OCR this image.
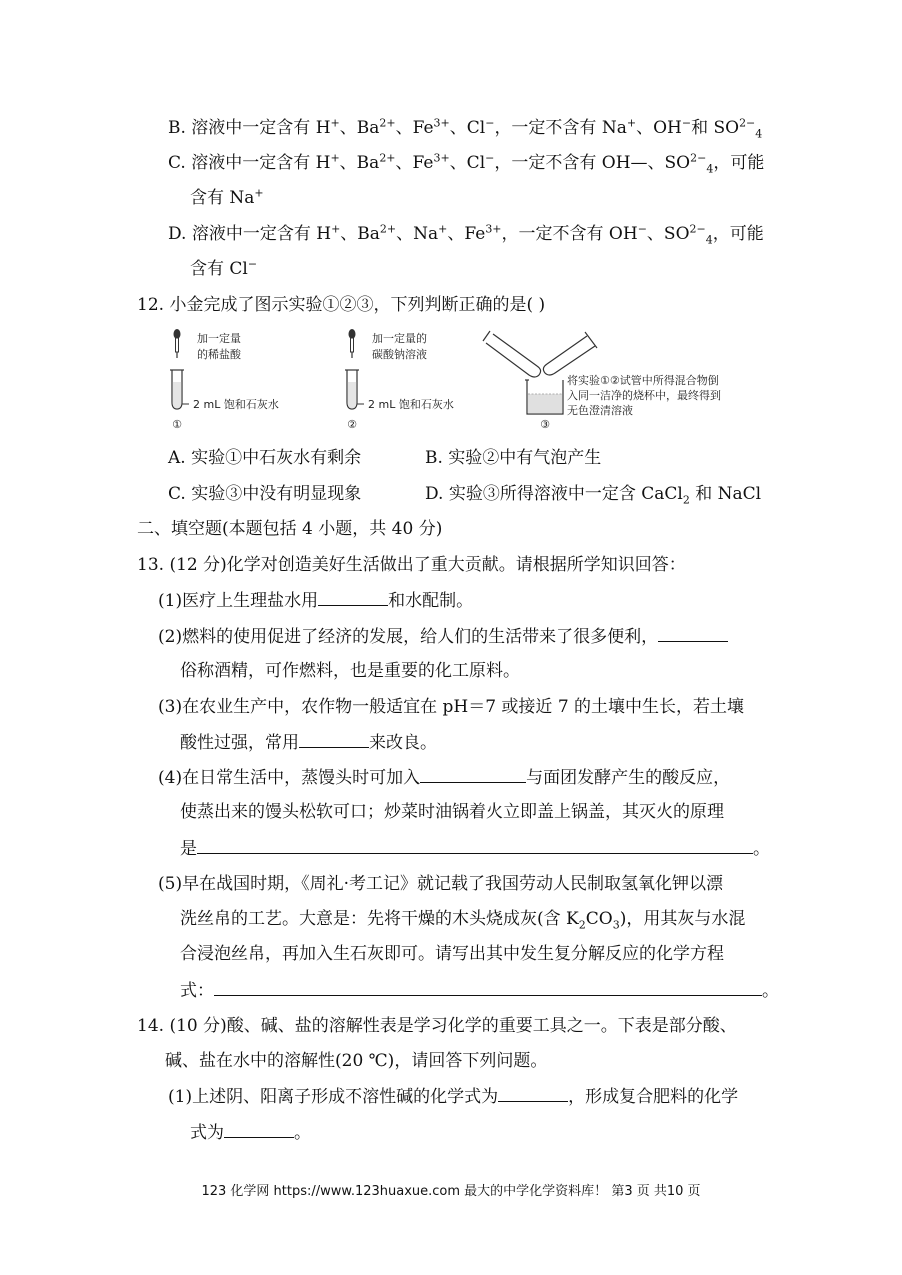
B. 溶液中一定含有 H+、$Ba^{2+}$、$Fe^{3+}$、Cl−，一定不含有 Na+、OH−和 $SO^{2-}_4$
C. 溶液中一定含有 H+、$Ba^{2+}$、$Fe^{3+}$、Cl−，一定不含有 OH—、$SO^{2-}_4$，可能
含有 Na+
D. 溶液中一定含有 H+、$Ba^{2+}$、Na+、$Fe^{3+}$，一定不含有 OH−、$SO^{2-}_4$，可能
含有 Cl−
12. 小金完成了图示实验①②③，下列判断正确的是( )
加一定量
的稀盐酸
2 mL 饱和石灰水
①
加一定量的
碳酸钠溶液
2 mL 饱和石灰水
②
将实验①②试管中所得混合物倒
入同一洁净的烧杯中，最终得到
无色澄清溶液
③
A. 实验①中石灰水有剩余	B. 实验②中有气泡产生
C. 实验③中没有明显现象	D. 实验③所得溶液中一定含 CaCl$_2$ 和 NaCl
二、填空题(本题包括 4 小题，共 40 分)
13. (12 分)化学对创造美好生活做出了重大贡献。请根据所学知识回答：
(1)医疗上生理盐水用	和水配制。
(2)燃料的使用促进了经济的发展，给人们的生活带来了很多便利，
俗称酒精，可作燃料，也是重要的化工原料。
(3)在农业生产中，农作物一般适宜在 pH＝7 或接近 7 的土壤中生长，若土壤
酸性过强，常用	来改良。
(4)在日常生活中，蒸馒头时可加入	与面团发酵产生的酸反应，
使蒸出来的馒头松软可口；炒菜时油锅着火立即盖上锅盖，其灭火的原理
是	。
(5)早在战国时期，《周礼·考工记》就记载了我国劳动人民制取氢氧化钾以漂
洗丝帛的工艺。大意是：先将干燥的木头烧成灰(含 $K_2CO_3$)，用其灰与水混
合浸泡丝帛，再加入生石灰即可。请写出其中发生复分解反应的化学方程
式：	。
14. (10 分)酸、碱、盐的溶解性表是学习化学的重要工具之一。下表是部分酸、
碱、盐在水中的溶解性(20 ℃)，请回答下列问题。
(1)上述阴、阳离子形成不溶性碱的化学式为	，形成复合肥料的化学
式为	。
123 化学网 https://www.123huaxue.com 最大的中学化学资料库！ 第3 页 共10 页
